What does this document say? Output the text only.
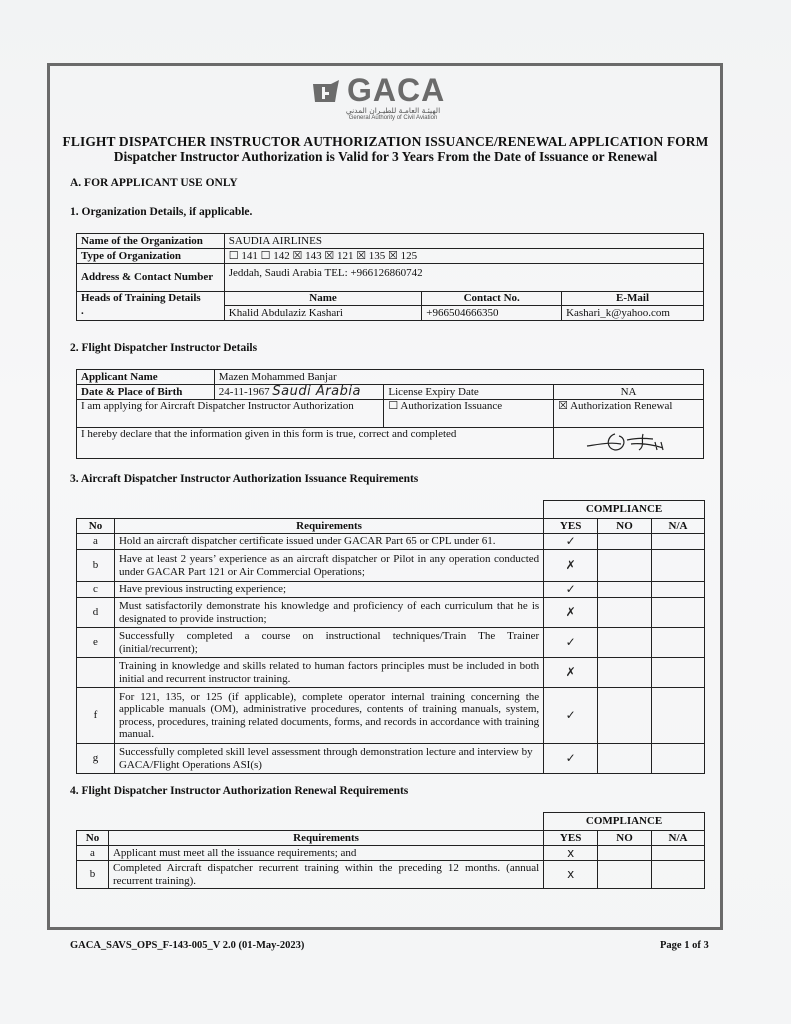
GACA
الهيئـة العامـة للطيـران المدني
General Authority of Civil Aviation
FLIGHT DISPATCHER INSTRUCTOR AUTHORIZATION ISSUANCE/RENEWAL APPLICATION FORM
Dispatcher Instructor Authorization is Valid for 3 Years From the Date of Issuance or Renewal
A. FOR APPLICANT USE ONLY
1. Organization Details, if applicable.
Name of the Organization	SAUDIA AIRLINES		
Type of Organization	☐ 141 ☐ 142 ☒ 143 ☒ 121 ☒ 135 ☒ 125		
Address & Contact Number	Jeddah, Saudi Arabia TEL: +966126860742		

Heads of Training Details
.	Name	Contact No.	E-Mail
	Khalid Abdulaziz Kashari	+966504666350	Kashari_k@yahoo.com
2. Flight Dispatcher Instructor Details
Applicant Name	Mazen Mohammed Banjar		
Date & Place of Birth	24-11-1967 Saudi Arabia	License Expiry Date	NA
I am applying for Aircraft Dispatcher Instructor Authorization		☐ Authorization Issuance	☒ Authorization Renewal
I hereby declare that the information given in this form is true, correct and completed	
3. Aircraft Dispatcher Instructor Authorization Issuance Requirements
		COMPLIANCE		
No	Requirements	YES	NO	N/A
a	Hold an aircraft dispatcher certificate issued under GACAR Part 65 or CPL under 61.	✓		
b	Have at least 2 years’ experience as an aircraft dispatcher or Pilot in any operation conducted under GACAR Part 121 or Air Commercial Operations;	✗		
c	Have previous instructing experience;	✓		
d	Must satisfactorily demonstrate his knowledge and proficiency of each curriculum that he is designated to provide instruction;	✗		
e	Successfully completed a course on instructional techniques/Train The Trainer (initial/recurrent);	✓		
	Training in knowledge and skills related to human factors principles must be included in both initial and recurrent instructor training.	✗		
f	For 121, 135, or 125 (if applicable), complete operator internal training concerning the applicable manuals (OM), administrative procedures, contents of training manuals, system, process, procedures, training related documents, forms, and records in accordance with training manual.	✓		
g	Successfully completed skill level assessment through demonstration lecture and interview by GACA/Flight Operations ASI(s)	✓		
4. Flight Dispatcher Instructor Authorization Renewal Requirements
		COMPLIANCE		
No	Requirements	YES	NO	N/A
a	Applicant must meet all the issuance requirements; and	x		
b	Completed Aircraft dispatcher recurrent training within the preceding 12 months. (annual recurrent training).	x		
GACA_SAVS_OPS_F-143-005_V 2.0 (01-May-2023)	Page 1 of 3
